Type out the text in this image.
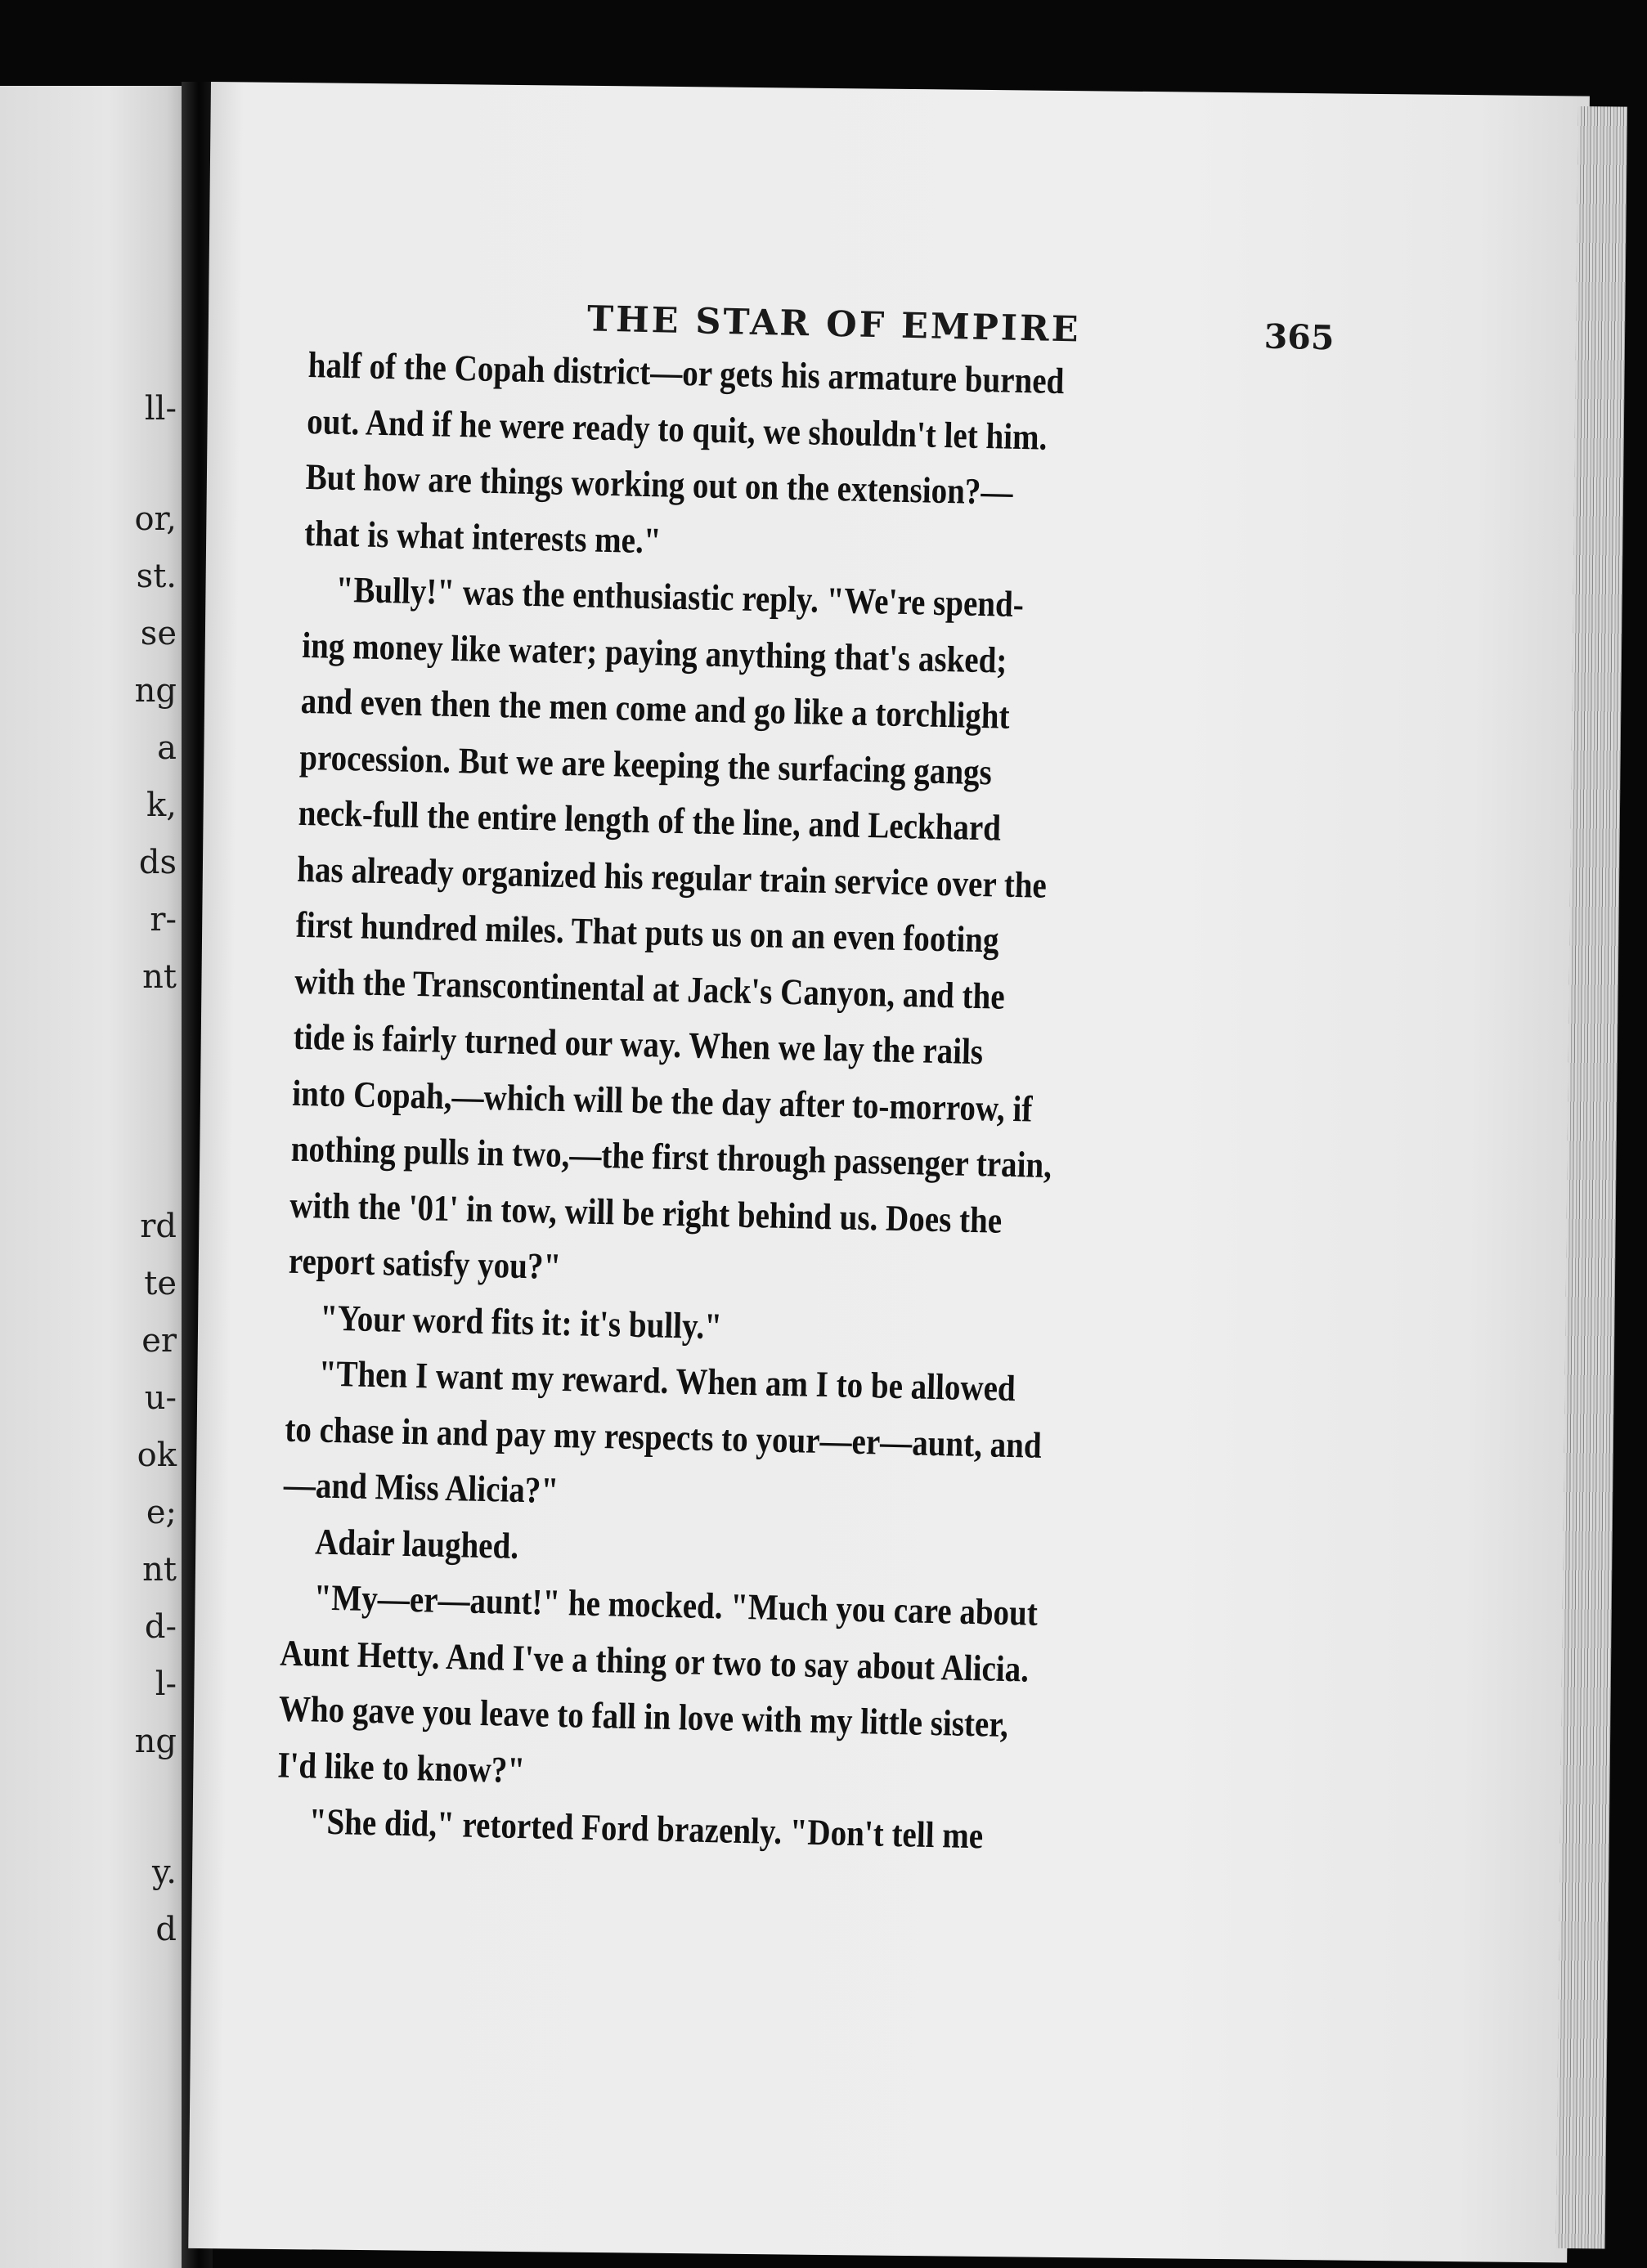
ll-
or,
st.
se
ng
a
k,
ds
r-
nt
rd
te
er
u-
ok
e;
nt
d-
l-
ng
y.
d
THE STAR OF EMPIRE	365
half of the Copah district—or gets his armature burned
out. And if he were ready to quit, we shouldn't let him.
But how are things working out on the extension?—
that is what interests me."
"Bully!" was the enthusiastic reply. "We're spend-
ing money like water; paying anything that's asked;
and even then the men come and go like a torchlight
procession. But we are keeping the surfacing gangs
neck-full the entire length of the line, and Leckhard
has already organized his regular train service over the
first hundred miles. That puts us on an even footing
with the Transcontinental at Jack's Canyon, and the
tide is fairly turned our way. When we lay the rails
into Copah,—which will be the day after to-morrow, if
nothing pulls in two,—the first through passenger train,
with the '01' in tow, will be right behind us. Does the
report satisfy you?"
"Your word fits it: it's bully."
"Then I want my reward. When am I to be allowed
to chase in and pay my respects to your—er—aunt, and
—and Miss Alicia?"
Adair laughed.
"My—er—aunt!" he mocked. "Much you care about
Aunt Hetty. And I've a thing or two to say about Alicia.
Who gave you leave to fall in love with my little sister,
I'd like to know?"
"She did," retorted Ford brazenly. "Don't tell me
